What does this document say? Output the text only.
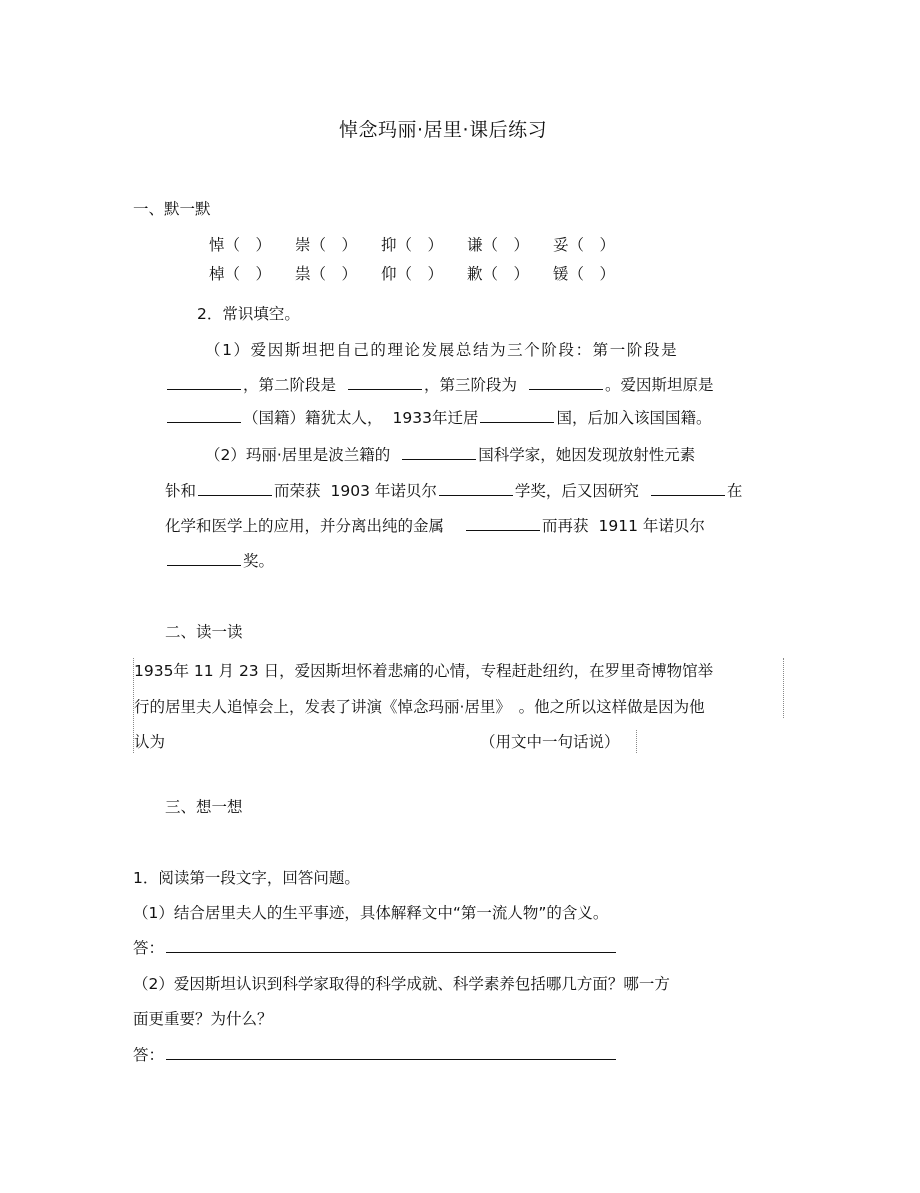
悼念玛丽·居里·课后练习
一、默一默
悼（　） 崇（　） 抑（　） 谦（　） 妥（　）
棹（　） 祟（　） 仰（　） 歉（　） 锾（　）
2．常识填空。
（1）爱因斯坦把自己的理论发展总结为三个阶段：第一阶段是
，第二阶段是	，第三阶段为	。爱因斯坦原是
（国籍）籍犹太人， 1933年迁居	国，后加入该国国籍。
（2）玛丽·居里是波兰籍的	国科学家，她因发现放射性元素
钋和	而荣获 1903 年诺贝尔	学奖，后又因研究	在
化学和医学上的应用，并分离出纯的金属	而再获 1911 年诺贝尔
奖。
二、读一读
1935年 11 月 23 日，爱因斯坦怀着悲痛的心情，专程赶赴纽约，在罗里奇博物馆举
行的居里夫人追悼会上，发表了讲演《悼念玛丽·居里》　。他之所以这样做是因为他
认为	（用文中一句话说）
三、想一想
1．阅读第一段文字，回答问题。
（1）结合居里夫人的生平事迹，具体解释文中“第一流人物”的含义。
答：
（2）爱因斯坦认识到科学家取得的科学成就、科学素养包括哪几方面？哪一方
面更重要？为什么？
答：
